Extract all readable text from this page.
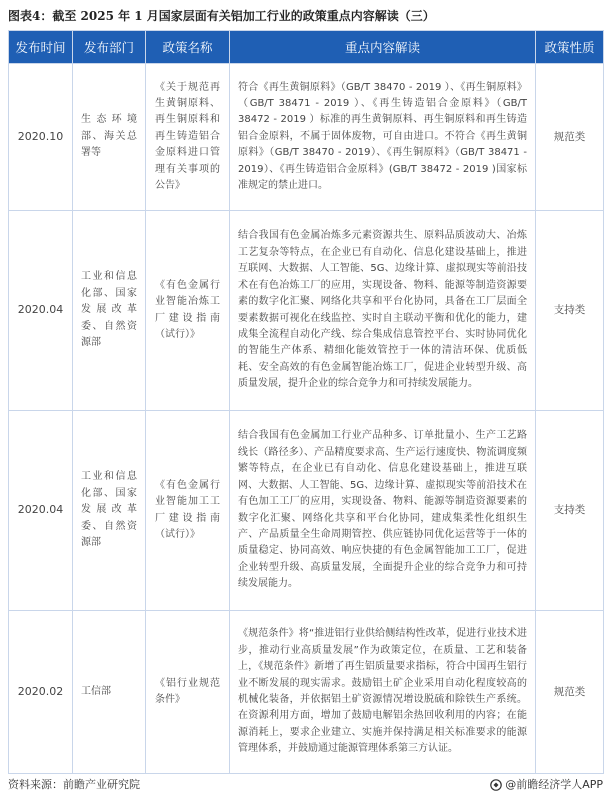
图表4：截至 2025 年 1 月国家层面有关铝加工行业的政策重点内容解读（三）
发布时间	发布部门	政策名称	重点内容解读	政策性质
2020.10	生态环境部、海关总署等	《关于规范再生黄铜原料、再生铜原料和再生铸造铝合金原料进口管理有关事项的公告》	符合《再生黄铜原料》（GB/T 38470 - 2019 ）、《再生铜原料》（GB/T 38471 - 2019 ）、《再生铸造铝合金原料》（GB/T 38472 - 2019 ）标准的再生黄铜原料、再生铜原料和再生铸造铝合金原料，不属于固体废物，可自由进口。不符合《再生黄铜原料》（GB/T 38470 - 2019）、《再生铜原料》（GB/T 38471 - 2019）、《再生铸造铝合金原料》(GB/T 38472 - 2019 )国家标准规定的禁止进口。	规范类
2020.04	工业和信息化部、国家发展改革委、自然资源部	《有色金属行业智能冶炼工厂建设指南（试行）》	结合我国有色金属冶炼多元素资源共生、原料品质波动大、冶炼工艺复杂等特点，在企业已有自动化、信息化建设基础上，推进互联网、大数据、人工智能、5G、边缘计算、虚拟现实等前沿技术在有色冶炼工厂的应用，实现设备、物料、能源等制造资源要素的数字化汇聚、网络化共享和平台化协同，具备在工厂层面全要素数据可视化在线监控、实时自主联动平衡和优化的能力，建成集全流程自动化产线、综合集成信息管控平台、实时协同优化的智能生产体系、精细化能效管控于一体的清洁环保、优质低耗、安全高效的有色金属智能冶炼工厂，促进企业转型升级、高质量发展，提升企业的综合竞争力和可持续发展能力。	支持类
2020.04	工业和信息化部、国家发展改革委、自然资源部	《有色金属行业智能加工工厂建设指南（试行）》	结合我国有色金属加工行业产品种多、订单批量小、生产工艺路线长（路径多）、产品精度要求高、生产运行速度快、物流调度频繁等特点，在企业已有自动化、信息化建设基础上，推进互联网、大数据、人工智能、5G、边缘计算、虚拟现实等前沿技术在有色加工工厂的应用，实现设备、物料、能源等制造资源要素的数字化汇聚、网络化共享和平台化协同，建成集柔性化组织生产、产品质量全生命周期管控、供应链协同优化运营等于一体的质量稳定、协同高效、响应快捷的有色金属智能加工工厂，促进企业转型升级、高质量发展，全面提升企业的综合竞争力和可持续发展能力。	支持类
2020.02	工信部	《铝行业规范条件》	《规范条件》将“推进铝行业供给侧结构性改革，促进行业技术进步，推动行业高质量发展”作为政策定位，在质量、工艺和装备上，《规范条件》新增了再生铝质量要求指标，符合中国再生铝行业不断发展的现实需求。鼓励铝土矿企业采用自动化程度较高的机械化装备，并依据铝土矿资源情况增设脱硫和除铁生产系统。在资源利用方面，增加了鼓励电解铝余热回收利用的内容；在能源消耗上，要求企业建立、实施并保持满足相关标准要求的能源管理体系，并鼓励通过能源管理体系第三方认证。	规范类
资料来源：前瞻产业研究院	@前瞻经济学人APP
